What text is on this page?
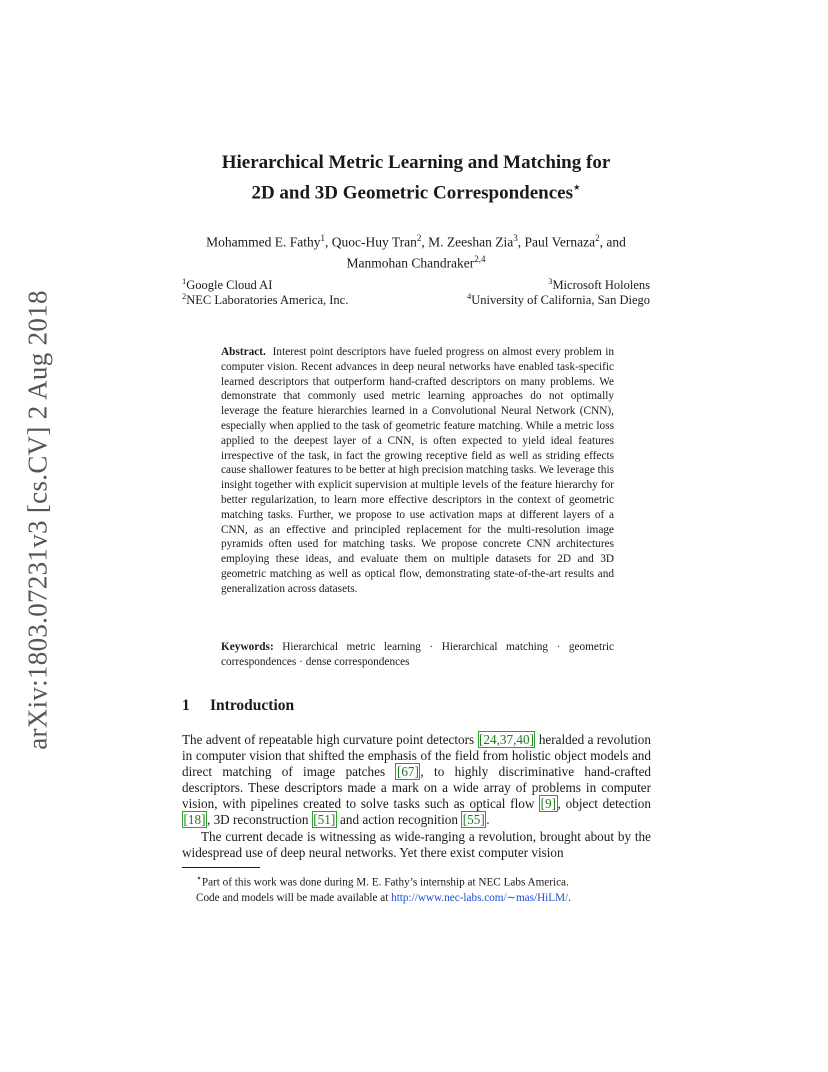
arXiv:1803.07231v3 [cs.CV] 2 Aug 2018
Hierarchical Metric Learning and Matching for
2D and 3D Geometric Correspondences⋆
Mohammed E. Fathy$^1$, Quoc-Huy Tran$^2$, M. Zeeshan Zia$^3$, Paul Vernaza$^2$, and
Manmohan Chandraker$^{2,4}$
$^1$Google Cloud AI
$^2$NEC Laboratories America, Inc.
$^3$Microsoft Hololens
$^4$University of California, San Diego
Abstract. Interest point descriptors have fueled progress on almost every problem in computer vision. Recent advances in deep neural networks have enabled task-specific learned descriptors that outperform hand-crafted descriptors on many problems. We demonstrate that commonly used metric learning approaches do not optimally leverage the feature hierarchies learned in a Convolutional Neural Network (CNN), especially when applied to the task of geometric feature matching. While a metric loss applied to the deepest layer of a CNN, is often expected to yield ideal features irrespective of the task, in fact the growing receptive field as well as striding effects cause shallower features to be better at high precision matching tasks. We leverage this insight together with explicit supervision at multiple levels of the feature hierarchy for better regularization, to learn more effective descriptors in the context of geometric matching tasks. Further, we propose to use activation maps at different layers of a CNN, as an effective and principled replacement for the multi-resolution image pyramids often used for matching tasks. We propose concrete CNN architectures employing these ideas, and evaluate them on multiple datasets for 2D and 3D geometric matching as well as optical flow, demonstrating state-of-the-art results and generalization across datasets.
Keywords: Hierarchical metric learning · Hierarchical matching · geometric correspondences · dense correspondences
1 Introduction

The advent of repeatable high curvature point detectors [24,37,40] heralded a revolution in computer vision that shifted the emphasis of the field from holistic object models and direct matching of image patches [67] , to highly discriminative hand-crafted descriptors. These descriptors made a mark on a wide array of problems in computer vision, with pipelines created to solve tasks such as optical flow [9] , object detection [18] , 3D reconstruction [51] and action recognition [55] .

The current decade is witnessing as wide-ranging a revolution, brought about by the widespread use of deep neural networks. Yet there exist computer vision

⋆Part of this work was done during M. E. Fathy’s internship at NEC Labs America.
Code and models will be made available at http://www.nec-labs.com/∼mas/HiLM/.
